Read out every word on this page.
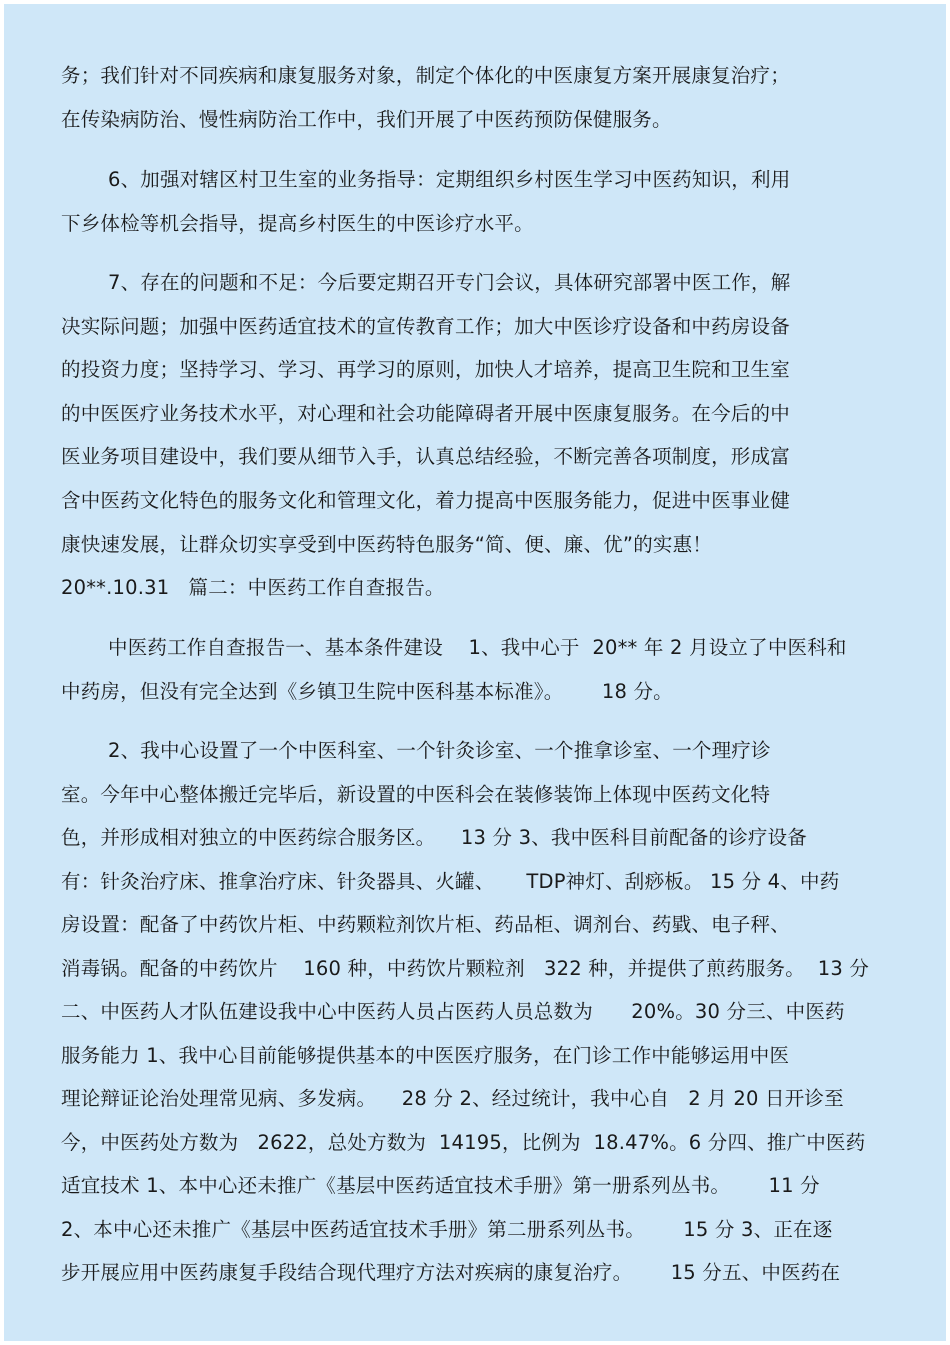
务；我们针对不同疾病和康复服务对象，制定个体化的中医康复方案开展康复治疗；
在传染病防治、慢性病防治工作中，我们开展了中医药预防保健服务。
6、加强对辖区村卫生室的业务指导：定期组织乡村医生学习中医药知识，利用
下乡体检等机会指导，提高乡村医生的中医诊疗水平。
7、存在的问题和不足：今后要定期召开专门会议，具体研究部署中医工作，解
决实际问题；加强中医药适宜技术的宣传教育工作；加大中医诊疗设备和中药房设备
的投资力度；坚持学习、学习、再学习的原则，加快人才培养，提高卫生院和卫生室
的中医医疗业务技术水平，对心理和社会功能障碍者开展中医康复服务。在今后的中
医业务项目建设中，我们要从细节入手，认真总结经验，不断完善各项制度，形成富
含中医药文化特色的服务文化和管理文化，着力提高中医服务能力，促进中医事业健
康快速发展，让群众切实享受到中医药特色服务“简、便、廉、优”的实惠！
20**.10.31   篇二：中医药工作自查报告。
中医药工作自查报告一、基本条件建设    1、我中心于  20** 年 2 月设立了中医科和
中药房，但没有完全达到《乡镇卫生院中医科基本标准》。      18 分。
2、我中心设置了一个中医科室、一个针灸诊室、一个推拿诊室、一个理疗诊
室。今年中心整体搬迁完毕后，新设置的中医科会在装修装饰上体现中医药文化特
色，并形成相对独立的中医药综合服务区。    13 分 3、我中医科目前配备的诊疗设备
有：针灸治疗床、推拿治疗床、针灸器具、火罐、     TDP神灯、刮痧板。 15 分 4、中药
房设置：配备了中药饮片柜、中药颗粒剂饮片柜、药品柜、调剂台、药戥、电子秤、
消毒锅。配备的中药饮片    160 种，中药饮片颗粒剂   322 种，并提供了煎药服务。  13 分
二、中医药人才队伍建设我中心中医药人员占医药人员总数为      20%。30 分三、中医药
服务能力 1、我中心目前能够提供基本的中医医疗服务，在门诊工作中能够运用中医
理论辩证论治处理常见病、多发病。    28 分 2、经过统计，我中心自   2 月 20 日开诊至
今，中医药处方数为   2622，总处方数为  14195，比例为  18.47%。6 分四、推广中医药
适宜技术 1、本中心还未推广《基层中医药适宜技术手册》第一册系列丛书。      11 分
2、本中心还未推广《基层中医药适宜技术手册》第二册系列丛书。      15 分 3、正在逐
步开展应用中医药康复手段结合现代理疗方法对疾病的康复治疗。      15 分五、中医药在
